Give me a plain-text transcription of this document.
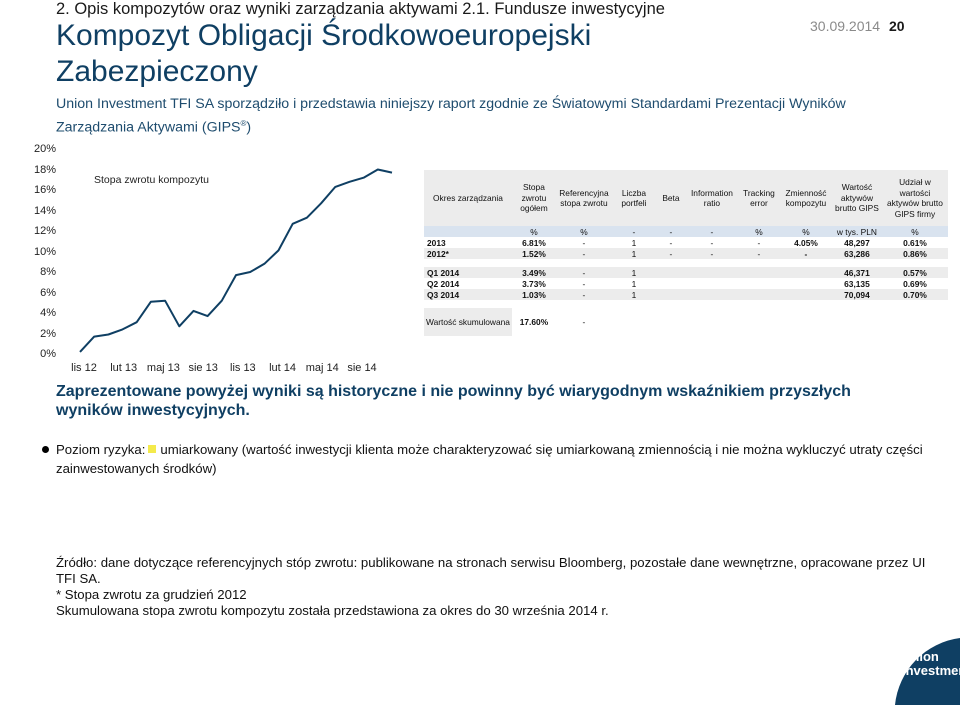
2. Opis kompozytów oraz wyniki zarządzania aktywami 2.1. Fundusze inwestycyjne
30.09.2014 20
Kompozyt Obligacji Środkowoeuropejski Zabezpieczony
Union Investment TFI SA sporządziło i przedstawia niniejszy raport zgodnie ze Światowymi Standardami Prezentacji Wyników Zarządzania Aktywami (GIPS®)
Stopa zwrotu kompozytu
0%
2%
4%
6%
8%
10%
12%
14%
16%
18%
20%
lis 12 lut 13 maj 13 sie 13 lis 13 lut 14 maj 14 sie 14
Okres zarządzania	Stopa zwrotu ogółem	Referencyjna stopa zwrotu	Liczba portfeli	Beta	Information ratio	Tracking error	Zmienność kompozytu	Wartość aktywów brutto GIPS	Udział w wartości aktywów brutto GIPS firmy
	%	%	-	-	-	%	%	w tys. PLN	%
2013	6.81%	-	1	-	-	-	4.05%	48,297	0.61%
2012*	1.52%	-	1	-	-	-	-	63,286	0.86%

Q1 2014	3.49%	-	1					46,371	0.57%
Q2 2014	3.73%	-	1					63,135	0.69%
Q3 2014	1.03%	-	1					70,094	0.70%

Wartość skumulowana	17.60%	-							
Zaprezentowane powyżej wyniki są historyczne i nie powinny być wiarygodnym wskaźnikiem przyszłych wyników inwestycyjnych.
Poziom ryzyka: umiarkowany (wartość inwestycji klienta może charakteryzować się umiarkowaną zmiennością i nie można wykluczyć utraty części zainwestowanych środków)

Źródło: dane dotyczące referencyjnych stóp zwrotu: publikowane na stronach serwisu Bloomberg, pozostałe dane wewnętrzne, opracowane przez UI TFI SA.

* Stopa zwrotu za grudzień 2012

Skumulowana stopa zwrotu kompozytu została przedstawiona za okres do 30 września 2014 r.

Union
Investment
